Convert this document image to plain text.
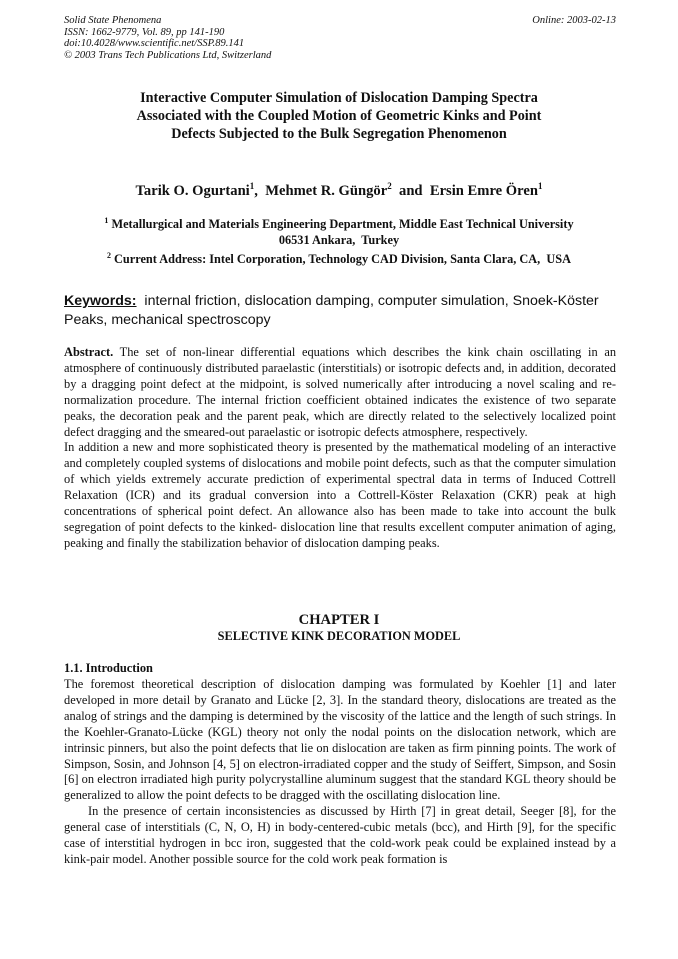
Solid State Phenomena
ISSN: 1662-9779, Vol. 89, pp 141-190
doi:10.4028/www.scientific.net/SSP.89.141
© 2003 Trans Tech Publications Ltd, Switzerland
Online: 2003-02-13
Interactive Computer Simulation of Dislocation Damping Spectra
Associated with the Coupled Motion of Geometric Kinks and Point
Defects Subjected to the Bulk Segregation Phenomenon
Tarik O. Ogurtani$^1$,  Mehmet R. Güngör$^2$  and  Ersin Emre Ören$^1$
$^1$ Metallurgical and Materials Engineering Department, Middle East Technical University
06531 Ankara,  Turkey
$^2$ Current Address: Intel Corporation, Technology CAD Division, Santa Clara, CA,  USA
Keywords: internal friction, dislocation damping, computer simulation, Snoek-Köster Peaks, mechanical spectroscopy

Abstract. The set of non-linear differential equations which describes the kink chain oscillating in an atmosphere of continuously distributed paraelastic (interstitials) or isotropic defects and, in addition, decorated by a dragging point defect at the midpoint, is solved numerically after introducing a novel scaling and re-normalization procedure. The internal friction coefficient obtained indicates the existence of two separate peaks, the decoration peak and the parent peak, which are directly related to the selectively localized point defect dragging and the smeared-out paraelastic or isotropic defects atmosphere, respectively.

In addition a new and more sophisticated theory is presented by the mathematical modeling of an interactive and completely coupled systems of dislocations and mobile point defects, such as that the computer simulation of which yields extremely accurate prediction of experimental spectral data in terms of Induced Cottrell Relaxation (ICR) and its gradual conversion into a Cottrell-Köster Relaxation (CKR) peak at high concentrations of spherical point defect. An allowance also has been made to take into account the bulk segregation of point defects to the kinked- dislocation line that results excellent computer animation of aging, peaking and finally the stabilization behavior of dislocation damping peaks.

CHAPTER I
SELECTIVE KINK DECORATION MODEL
1.1. Introduction

The foremost theoretical description of dislocation damping was formulated by Koehler [1] and later developed in more detail by Granato and Lücke [2, 3]. In the standard theory, dislocations are treated as the analog of strings and the damping is determined by the viscosity of the lattice and the length of such strings. In the Koehler-Granato-Lücke (KGL) theory not only the nodal points on the dislocation network, which are intrinsic pinners, but also the point defects that lie on dislocation are taken as firm pinning points. The work of Simpson, Sosin, and Johnson [4, 5] on electron-irradiated copper and the study of Seiffert, Simpson, and Sosin [6] on electron irradiated high purity polycrystalline aluminum suggest that the standard KGL theory should be generalized to allow the point defects to be dragged with the oscillating dislocation line.

In the presence of certain inconsistencies as discussed by Hirth [7] in great detail, Seeger [8], for the general case of interstitials (C, N, O, H) in body-centered-cubic metals (bcc), and Hirth [9], for the specific case of interstitial hydrogen in bcc iron, suggested that the cold-work peak could be explained instead by a kink-pair model. Another possible source for the cold work peak formation is
